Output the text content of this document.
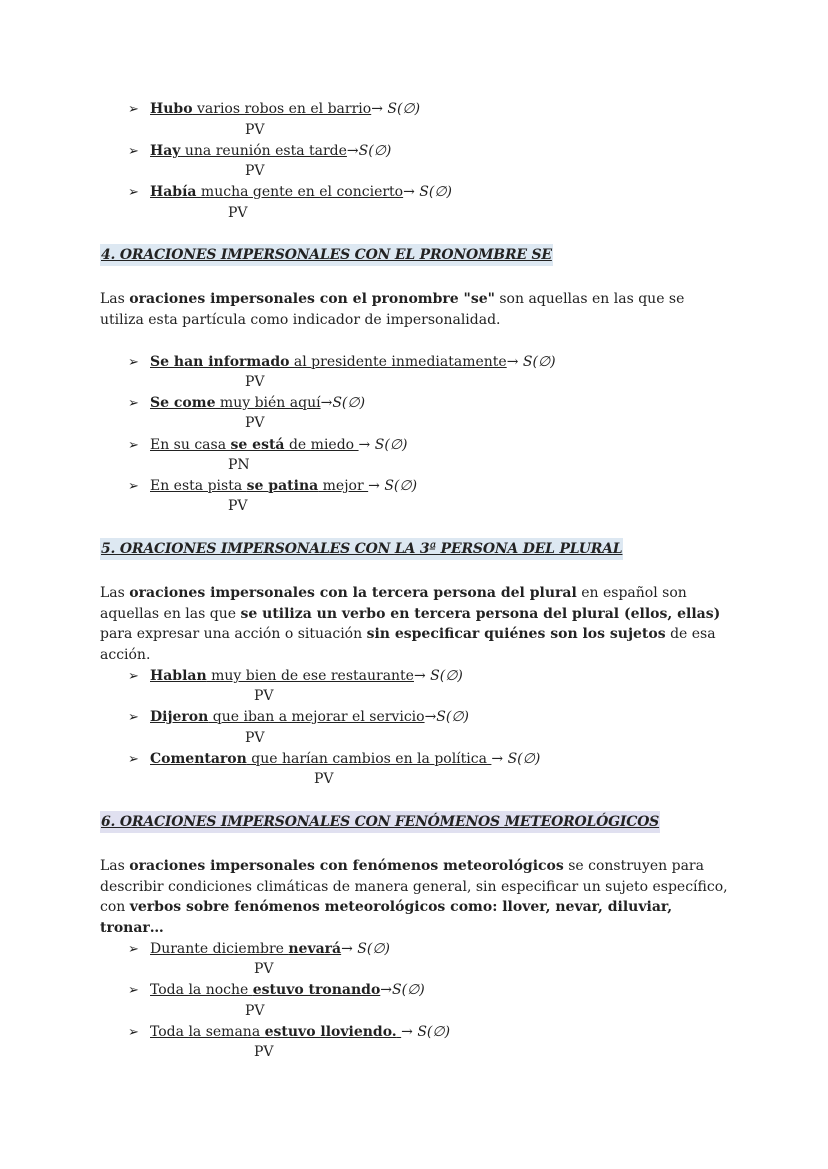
➢ Hubo varios robos en el barrio→ S(∅)
PV
➢ Hay una reunión esta tarde→S(∅)
PV
➢ Había mucha gente en el concierto→ S(∅)
PV
4. ORACIONES IMPERSONALES CON EL PRONOMBRE SE
Las oraciones impersonales con el pronombre "se" son aquellas en las que se utiliza esta partícula como indicador de impersonalidad.
➢ Se han informado al presidente inmediatamente→ S(∅)
PV
➢ Se come muy bién aquí→S(∅)
PV
➢ En su casa se está de miedo → S(∅)
PN
➢ En esta pista se patina mejor → S(∅)
PV
5. ORACIONES IMPERSONALES CON LA 3ª PERSONA DEL PLURAL
Las oraciones impersonales con la tercera persona del plural en español son aquellas en las que se utiliza un verbo en tercera persona del plural (ellos, ellas) para expresar una acción o situación sin especificar quiénes son los sujetos de esa acción.
➢ Hablan muy bien de ese restaurante→ S(∅)
PV
➢ Dijeron que iban a mejorar el servicio→S(∅)
PV
➢ Comentaron que harían cambios en la política → S(∅)
PV
6. ORACIONES IMPERSONALES CON FENÓMENOS METEOROLÓGICOS
Las oraciones impersonales con fenómenos meteorológicos se construyen para describir condiciones climáticas de manera general, sin especificar un sujeto específico, con verbos sobre fenómenos meteorológicos como: llover, nevar, diluviar, tronar…
➢ Durante diciembre nevará→ S(∅)
PV
➢ Toda la noche estuvo tronando→S(∅)
PV
➢ Toda la semana estuvo lloviendo. → S(∅)
PV
